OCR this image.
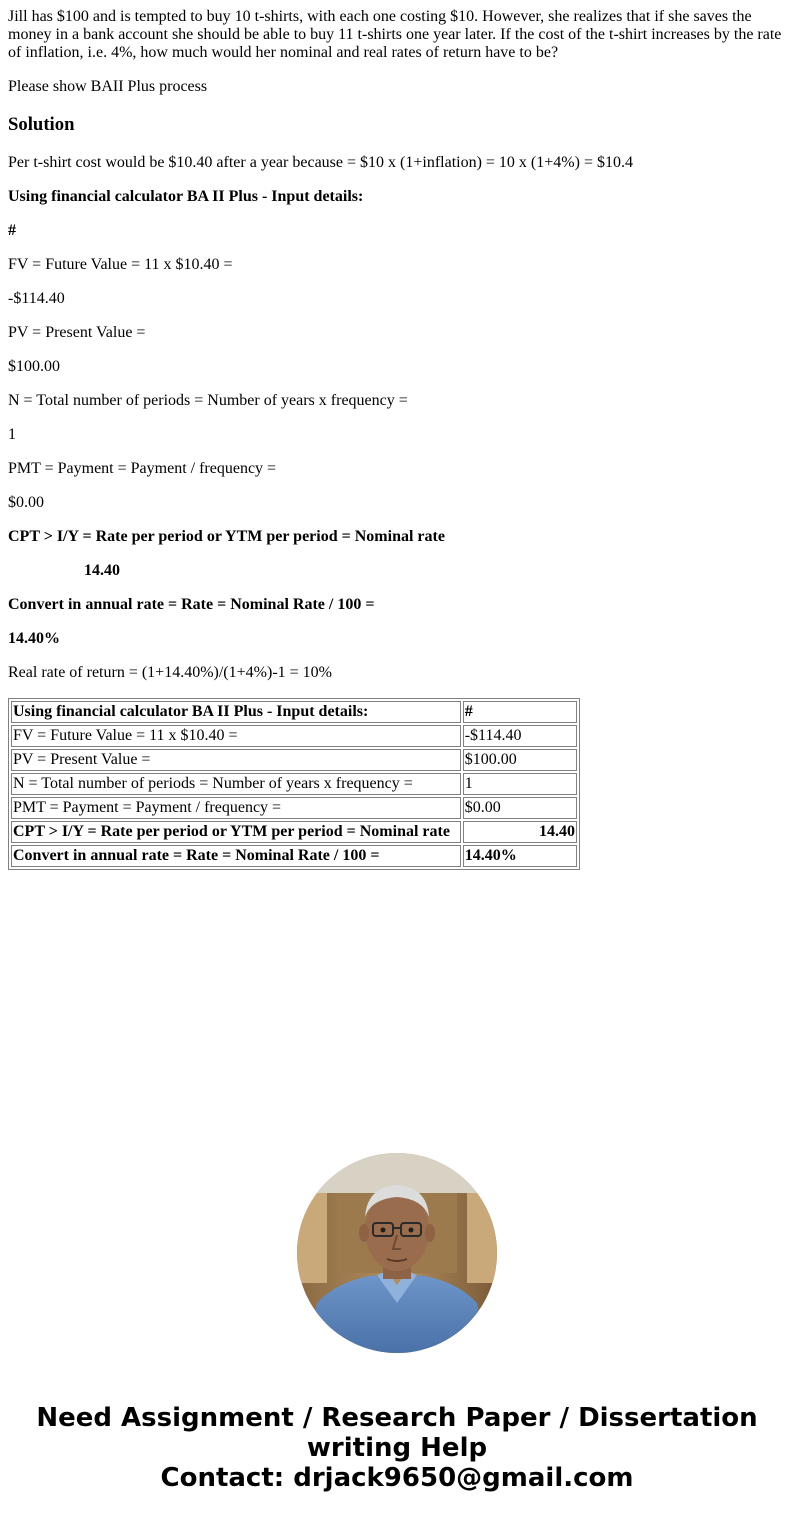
Jill has $100 and is tempted to buy 10 t-shirts, with each one costing $10. However, she realizes that if she saves the money in a bank account she should be able to buy 11 t-shirts one year later. If the cost of the t-shirt increases by the rate of inflation, i.e. 4%, how much would her nominal and real rates of return have to be?

Please show BAII Plus process

Solution

Per t-shirt cost would be $10.40 after a year because = $10 x (1+inflation) = 10 x (1+4%) = $10.4

Using financial calculator BA II Plus - Input details:

#

FV = Future Value = 11 x $10.40 =

-$114.40

PV = Present Value =

$100.00

N = Total number of periods = Number of years x frequency =

1

PMT = Payment = Payment / frequency =

$0.00

CPT > I/Y = Rate per period or YTM per period = Nominal rate

14.40

Convert in annual rate = Rate = Nominal Rate / 100 =

14.40%

Real rate of return = (1+14.40%)/(1+4%)-1 = 10%

Using financial calculator BA II Plus - Input details:	#
FV = Future Value = 11 x $10.40 =	-$114.40
PV = Present Value =	$100.00
N = Total number of periods = Number of years x frequency =	1
PMT = Payment = Payment / frequency =	$0.00
CPT > I/Y = Rate per period or YTM per period = Nominal rate	14.40
Convert in annual rate = Rate = Nominal Rate / 100 =	14.40%
Need Assignment / Research Paper / Dissertation writing Help
Contact: drjack9650@gmail.com
